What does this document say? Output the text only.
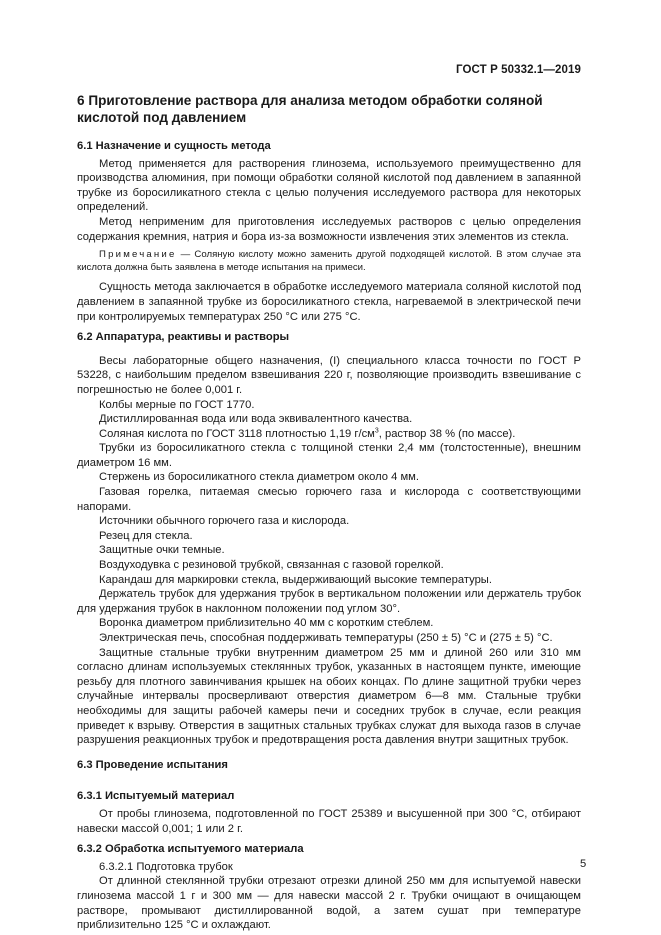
ГОСТ Р 50332.1—2019
6 Приготовление раствора для анализа методом обработки соляной кислотой под давлением
6.1 Назначение и сущность метода

Метод применяется для растворения глинозема, используемого преимущественно для производства алюминия, при помощи обработки соляной кислотой под давлением в запаянной трубке из боросиликатного стекла с целью получения исследуемого раствора для некоторых определений.

Метод неприменим для приготовления исследуемых растворов с целью определения содержания кремния, натрия и бора из-за возможности извлечения этих элементов из стекла.

Примечание — Соляную кислоту можно заменить другой подходящей кислотой. В этом случае эта кислота должна быть заявлена в методе испытания на примеси.

Сущность метода заключается в обработке исследуемого материала соляной кислотой под давлением в запаянной трубке из боросиликатного стекла, нагреваемой в электрической печи при контролируемых температурах 250 °С или 275 °С.

6.2 Аппаратура, реактивы и растворы

Весы лабораторные общего назначения, (I) специального класса точности по ГОСТ Р 53228, с наибольшим пределом взвешивания 220 г, позволяющие производить взвешивание с погрешностью не более 0,001 г.

Колбы мерные по ГОСТ 1770.

Дистиллированная вода или вода эквивалентного качества.

Соляная кислота по ГОСТ 3118 плотностью 1,19 $г/см^3$, раствор 38 % (по массе).

Трубки из боросиликатного стекла с толщиной стенки 2,4 мм (толстостенные), внешним диаметром 16 мм.

Стержень из боросиликатного стекла диаметром около 4 мм.

Газовая горелка, питаемая смесью горючего газа и кислорода с соответствующими напорами.

Источники обычного горючего газа и кислорода.

Резец для стекла.

Защитные очки темные.

Воздуходувка с резиновой трубкой, связанная с газовой горелкой.

Карандаш для маркировки стекла, выдерживающий высокие температуры.

Держатель трубок для удержания трубок в вертикальном положении или держатель трубок для удержания трубок в наклонном положении под углом 30°.

Воронка диаметром приблизительно 40 мм с коротким стеблем.

Электрическая печь, способная поддерживать температуры (250 ± 5) °С и (275 ± 5) °С.

Защитные стальные трубки внутренним диаметром 25 мм и длиной 260 или 310 мм согласно длинам используемых стеклянных трубок, указанных в настоящем пункте, имеющие резьбу для плотного завинчивания крышек на обоих концах. По длине защитной трубки через случайные интервалы просверливают отверстия диаметром 6—8 мм. Стальные трубки необходимы для защиты рабочей камеры печи и соседних трубок в случае, если реакция приведет к взрыву. Отверстия в защитных стальных трубках служат для выхода газов в случае разрушения реакционных трубок и предотвращения роста давления внутри защитных трубок.

6.3 Проведение испытания
6.3.1 Испытуемый материал

От пробы глинозема, подготовленной по ГОСТ 25389 и высушенной при 300 °С, отбирают навески массой 0,001; 1 или 2 г.

6.3.2 Обработка испытуемого материала

6.3.2.1 Подготовка трубок

От длинной стеклянной трубки отрезают отрезки длиной 250 мм для испытуемой навески глинозема массой 1 г и 300 мм — для навески массой 2 г. Трубки очищают в очищающем растворе, промывают дистиллированной водой, а затем сушат при температуре приблизительно 125 °С и охлаждают.

5
